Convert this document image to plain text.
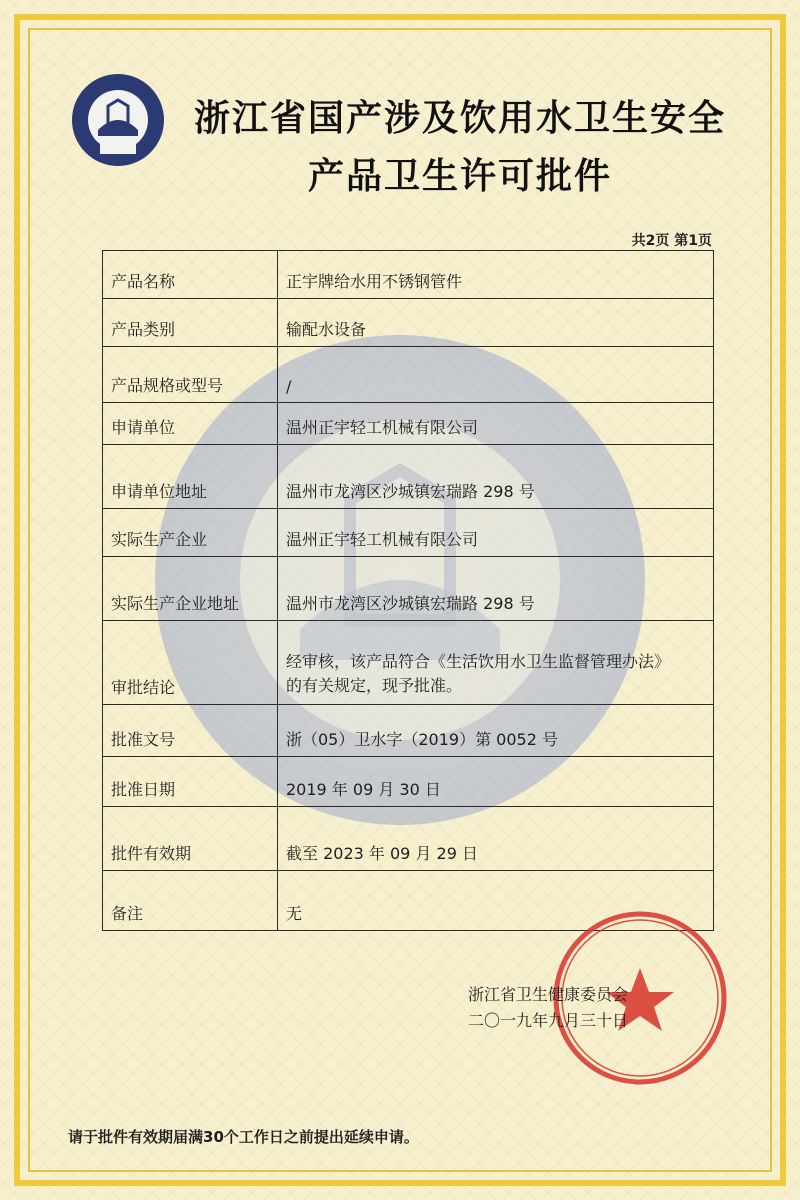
浙江省国产涉及饮用水卫生安全
产品卫生许可批件
共2页 第1页
产品名称	正宇牌给水用不锈钢管件
产品类别	输配水设备
产品规格或型号	/
申请单位	温州正宇轻工机械有限公司
申请单位地址	温州市龙湾区沙城镇宏瑞路 298 号
实际生产企业	温州正宇轻工机械有限公司
实际生产企业地址	温州市龙湾区沙城镇宏瑞路 298 号
审批结论	经审核，该产品符合《生活饮用水卫生监督管理办法》
的有关规定，现予批准。

批准文号	浙（05）卫水字（2019）第 0052 号
批准日期	2019 年 09 月 30 日
批件有效期	截至 2023 年 09 月 29 日
备注	无
浙江省卫生健康委员会
二〇一九年九月三十日
请于批件有效期届满30个工作日之前提出延续申请。
